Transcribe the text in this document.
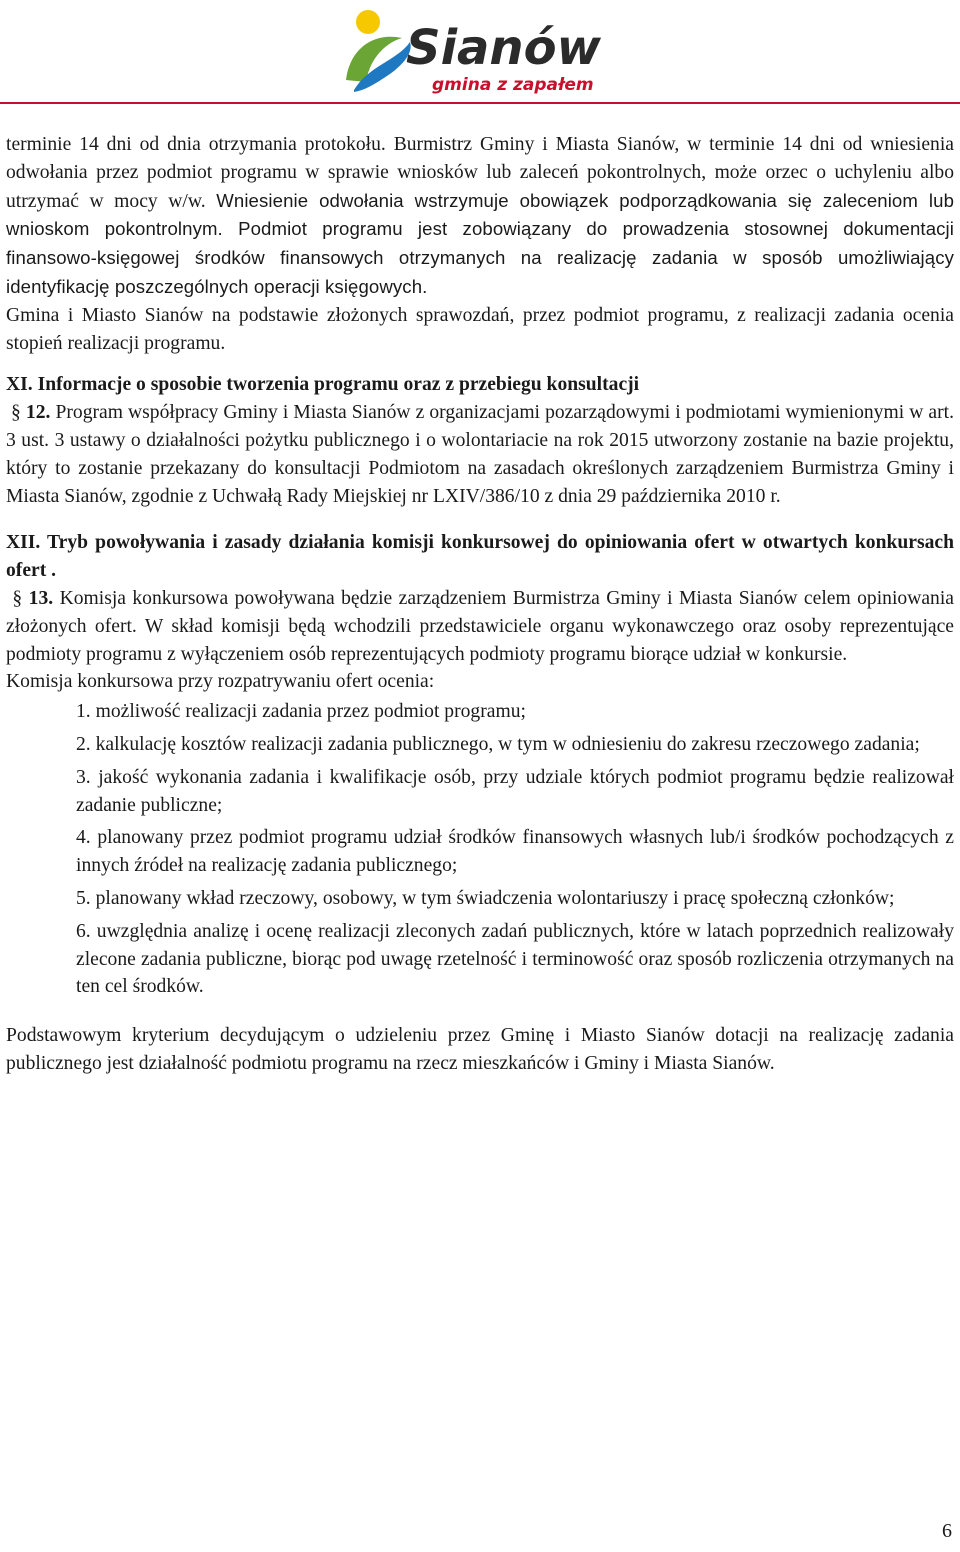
Sianów
gmina z zapałem

terminie 14 dni od dnia otrzymania protokołu. Burmistrz Gminy i Miasta Sianów, w terminie 14 dni od wniesienia odwołania przez podmiot programu w sprawie wniosków lub zaleceń pokontrolnych, może orzec o uchyleniu albo utrzymać w mocy w/w. Wniesienie odwołania wstrzymuje obowiązek podporządkowania się zaleceniom lub wnioskom pokontrolnym. Podmiot programu jest zobowiązany do prowadzenia stosownej dokumentacji finansowo-księgowej środków finansowych otrzymanych na realizację zadania w sposób umożliwiający identyfikację poszczególnych operacji księgowych.

Gmina i Miasto Sianów na podstawie złożonych sprawozdań, przez podmiot programu, z realizacji zadania ocenia stopień realizacji programu.

XI. Informacje o sposobie tworzenia programu oraz z przebiegu konsultacji

§ 12. Program współpracy Gminy i Miasta Sianów z organizacjami pozarządowymi i podmiotami wymienionymi w art. 3 ust. 3 ustawy o działalności pożytku publicznego i o wolontariacie na rok 2015 utworzony zostanie na bazie projektu, który to zostanie przekazany do konsultacji Podmiotom na zasadach określonych zarządzeniem Burmistrza Gminy i Miasta Sianów, zgodnie z Uchwałą Rady Miejskiej nr LXIV/386/10 z dnia 29 października 2010 r.

XII. Tryb powoływania i zasady działania komisji konkursowej do opiniowania ofert w otwartych konkursach ofert .

§ 13. Komisja konkursowa powoływana będzie zarządzeniem Burmistrza Gminy i Miasta Sianów celem opiniowania złożonych ofert. W skład komisji będą wchodzili przedstawiciele organu wykonawczego oraz osoby reprezentujące podmioty programu z wyłączeniem osób reprezentujących podmioty programu biorące udział w konkursie.

Komisja konkursowa przy rozpatrywaniu ofert ocenia:

1. możliwość realizacji zadania przez podmiot programu;
2. kalkulację kosztów realizacji zadania publicznego, w tym w odniesieniu do zakresu rzeczowego zadania;
3. jakość wykonania zadania i kwalifikacje osób, przy udziale których podmiot programu będzie realizował zadanie publiczne;
4. planowany przez podmiot programu udział środków finansowych własnych lub/i środków pochodzących z innych źródeł na realizację zadania publicznego;
5. planowany wkład rzeczowy, osobowy, w tym świadczenia wolontariuszy i pracę społeczną członków;
6. uwzględnia analizę i ocenę realizacji zleconych zadań publicznych, które w latach poprzednich realizowały zlecone zadania publiczne, biorąc pod uwagę rzetelność i terminowość oraz sposób rozliczenia otrzymanych na ten cel środków.

Podstawowym kryterium decydującym o udzieleniu przez Gminę i Miasto Sianów dotacji na realizację zadania publicznego jest działalność podmiotu programu na rzecz mieszkańców i Gminy i Miasta Sianów.

6
